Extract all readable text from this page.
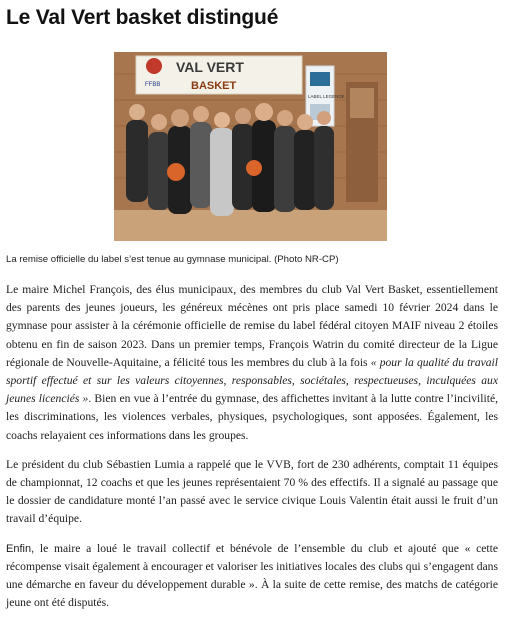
Le Val Vert basket distingué
FFBB
VAL VERT
BASKET
LABEL LEGENDE
La remise officielle du label s’est tenue au gymnase municipal. (Photo NR-CP)

Le maire Michel François, des élus municipaux, des membres du club Val Vert Basket, essentiellement des parents des jeunes joueurs, les généreux mécènes ont pris place samedi 10 février 2024 dans le gymnase pour assister à la cérémonie officielle de remise du label fédéral citoyen MAIF niveau 2 étoiles obtenu en fin de saison 2023. Dans un premier temps, François Watrin du comité directeur de la Ligue régionale de Nouvelle-Aquitaine, a félicité tous les membres du club à la fois « pour la qualité du travail sportif effectué et sur les valeurs citoyennes, responsables, sociétales, respectueuses, inculquées aux jeunes licenciés ». Bien en vue à l’entrée du gymnase, des affichettes invitant à la lutte contre l’incivilité, les discriminations, les violences verbales, physiques, psychologiques, sont apposées. Également, les coachs relayaient ces informations dans les groupes.

Le président du club Sébastien Lumia a rappelé que le VVB, fort de 230 adhérents, comptait 11 équipes de championnat, 12 coachs et que les jeunes représentaient 70 % des effectifs. Il a signalé au passage que le dossier de candidature monté l’an passé avec le service civique Louis Valentin était aussi le fruit d’un travail d’équipe.

Enfin, le maire a loué le travail collectif et bénévole de l’ensemble du club et ajouté que « cette récompense visait également à encourager et valoriser les initiatives locales des clubs qui s’engagent dans une démarche en faveur du développement durable ». À la suite de cette remise, des matchs de catégorie jeune ont été disputés.
